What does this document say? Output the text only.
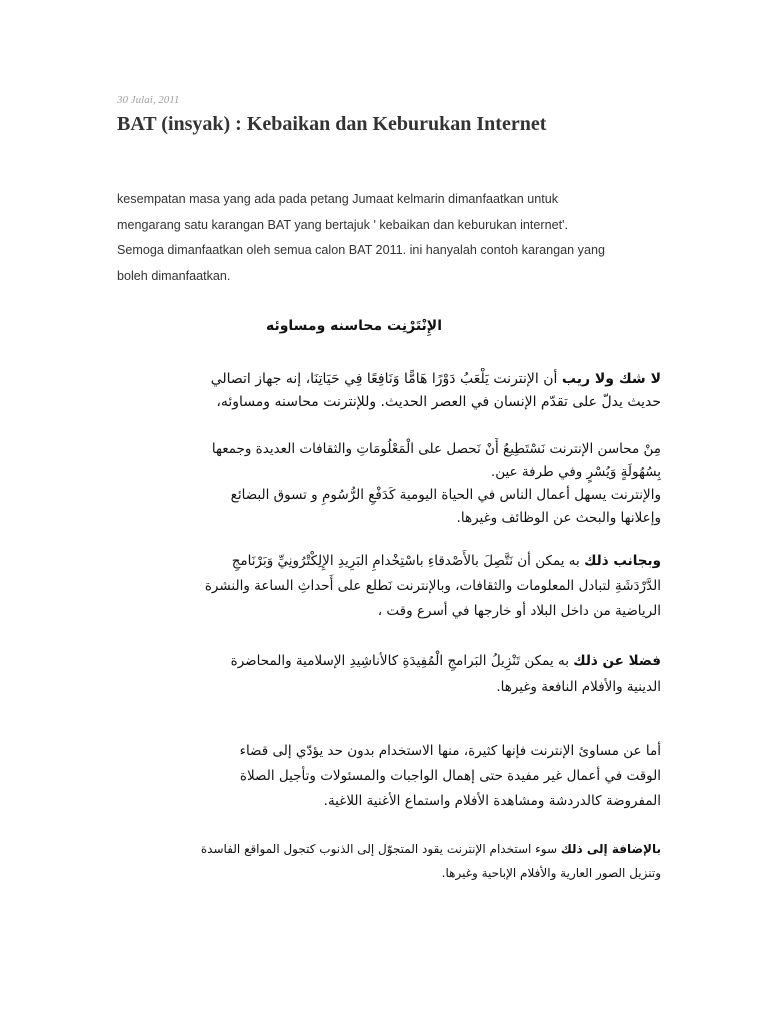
30 Julai, 2011
BAT (insyak) : Kebaikan dan Keburukan Internet
kesempatan masa yang ada pada petang Jumaat kelmarin dimanfaatkan untuk
mengarang satu karangan BAT yang bertajuk ' kebaikan dan keburukan internet'.
Semoga dimanfaatkan oleh semua calon BAT 2011. ini hanyalah contoh karangan yang
boleh dimanfaatkan.
الإِنْتَرْنِت محاسنه ومساوئه
لا شك ولا ريب أن الإنترنت يَلْعَبُ دَوْرًا هَامًّا وَنَافِعًا فِي حَيَاتِنَا، إنه جهاز اتصالي
حديث يدلّ على تقدّم الإنسان في العصر الحديث. وللإنترنت محاسنه ومساوئه،
مِنْ محاسن الإنترنت نَسْتَطِيعُ أَنْ نَحصل على الْمَعْلُومَاتِ والثقافات العديدة وجمعها
بِسُهُولَةٍ وَيُسْرٍ وفي طرفة عين.
والإنترنت يسهل أعمال الناس في الحياة اليومية كَدَفْعِ الرُّسُومِ و تسوق البضائع
وإعلانها والبحث عن الوظائف وغيرها.
وبجانب ذلك به يمكن أن نَتَّصِلَ بالأَصْدقاءِ باسْتِخْدامِ البَرِيدِ الإِلِكْتْرُونِيِّ وَبَرْنَامجِ
الدَّرْدَشَةِ لتبادل المعلومات والثقافات، وبالإنترنت نَطلع على أَحداثِ الساعة والنشرة
الرياضية من داخل البلاد أو خارجها في أسرع وقت ،
فضلا عن ذلك به يمكن تَنْزِيلُ البَرامجِ الْمُفِيدَةِ كالأناشِيدِ الإسلامية والمحاضرة
الدينية والأفلام النافعة وغيرها.
أما عن مساوئ الإنترنت فإنها كثيرة، منها الاستخدام بدون حد يؤدّي إلى قضاء
الوقت في أعمال غير مفيدة حتى إهمال الواجبات والمسئولات وتأجيل الصلاة
المفروضة كالدردشة ومشاهدة الأفلام واستماع الأغنية اللاغية.
بالإضافة إلى ذلك سوء استخدام الإنترنت يقود المتجوّل إلى الذنوب كتجول المواقع الفاسدة
وتنزيل الصور العارية والأفلام الإباحية وغيرها.
